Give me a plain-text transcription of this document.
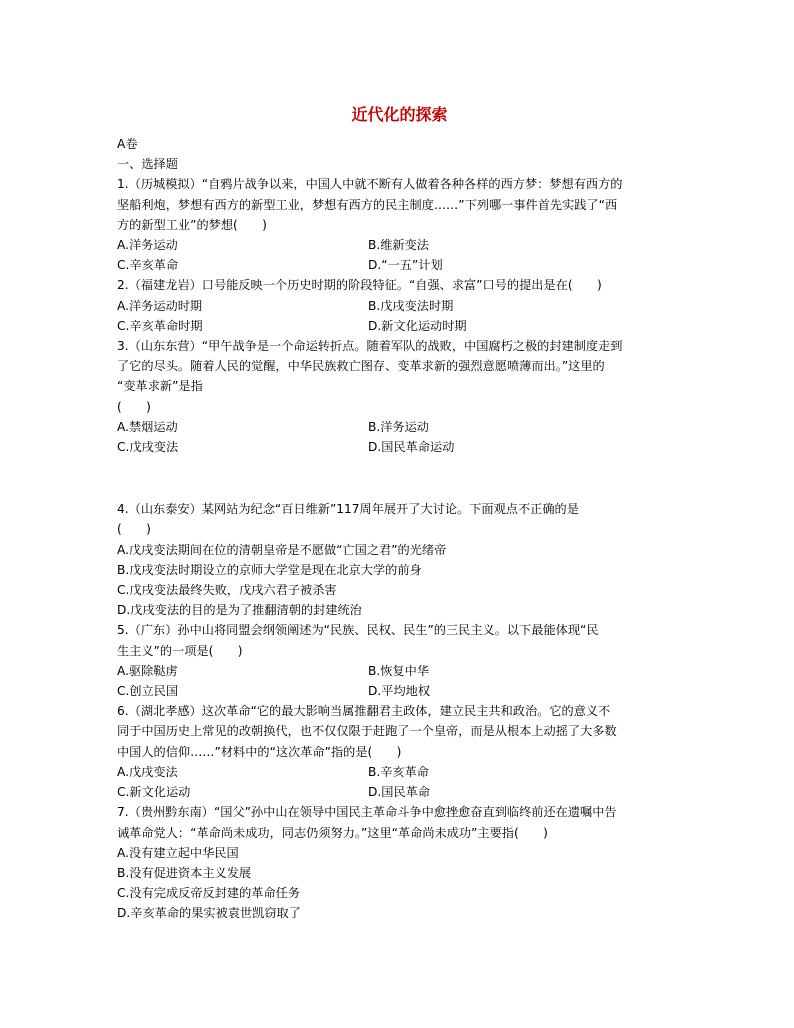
近代化的探索
A卷
一、选择题
1.（历城模拟）“自鸦片战争以来，中国人中就不断有人做着各种各样的西方梦：梦想有西方的
坚船利炮，梦想有西方的新型工业，梦想有西方的民主制度……”下列哪一事件首先实践了“西
方的新型工业”的梦想(　　)
A.洋务运动	B.维新变法
C.辛亥革命	D.“一五”计划
2.（福建龙岩）口号能反映一个历史时期的阶段特征。“自强、求富”口号的提出是在(　　)
A.洋务运动时期	B.戊戌变法时期
C.辛亥革命时期	D.新文化运动时期
3.（山东东营）“甲午战争是一个命运转折点。随着军队的战败，中国腐朽之极的封建制度走到
了它的尽头。随着人民的觉醒，中华民族救亡图存、变革求新的强烈意愿喷薄而出。”这里的
“变革求新”是指
(　　)
A.禁烟运动	B.洋务运动
C.戊戌变法	D.国民革命运动
4.（山东泰安）某网站为纪念“百日维新”117周年展开了大讨论。下面观点不正确的是
(　　)
A.戊戌变法期间在位的清朝皇帝是不愿做“亡国之君”的光绪帝
B.戊戌变法时期设立的京师大学堂是现在北京大学的前身
C.戊戌变法最终失败，戊戌六君子被杀害
D.戊戌变法的目的是为了推翻清朝的封建统治
5.（广东）孙中山将同盟会纲领阐述为“民族、民权、民生”的三民主义。以下最能体现“民
生主义”的一项是(　　)
A.驱除鞑虏	B.恢复中华
C.创立民国	D.平均地权
6.（湖北孝感）这次革命“它的最大影响当属推翻君主政体，建立民主共和政治。它的意义不
同于中国历史上常见的改朝换代，也不仅仅限于赶跑了一个皇帝，而是从根本上动摇了大多数
中国人的信仰……”材料中的“这次革命”指的是(　　)
A.戊戌变法	B.辛亥革命
C.新文化运动	D.国民革命
7.（贵州黔东南）“国父”孙中山在领导中国民主革命斗争中愈挫愈奋直到临终前还在遗嘱中告
诫革命党人：“革命尚未成功，同志仍须努力。”这里“革命尚未成功”主要指(　　)
A.没有建立起中华民国
B.没有促进资本主义发展
C.没有完成反帝反封建的革命任务
D.辛亥革命的果实被袁世凯窃取了
